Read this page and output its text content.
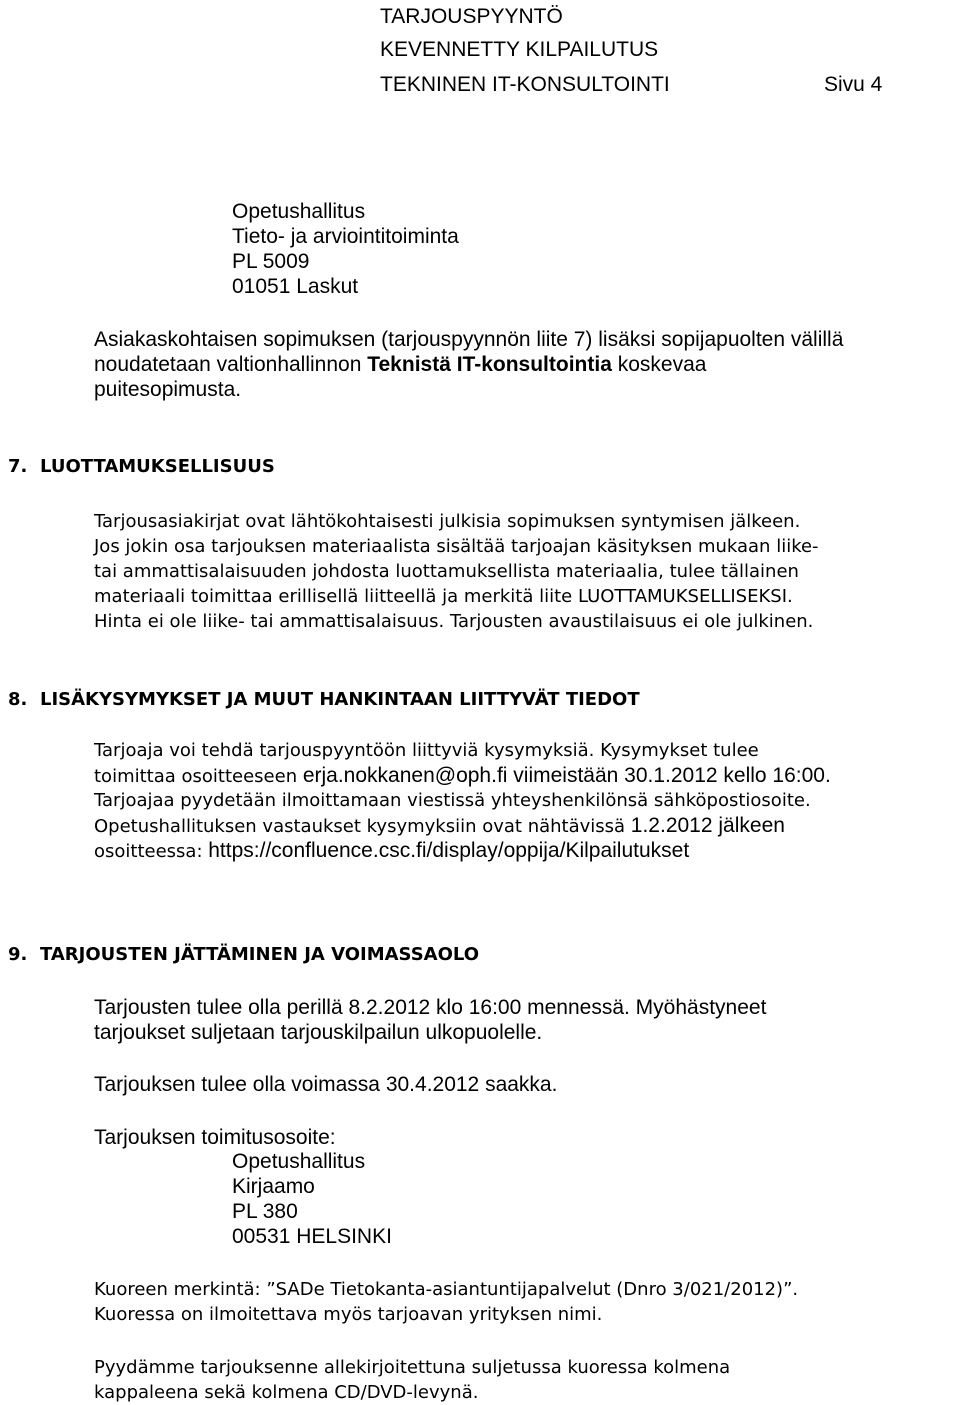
TARJOUSPYYNTÖ
KEVENNETTY KILPAILUTUS
TEKNINEN IT-KONSULTOINTI	Sivu 4
Opetushallitus
Tieto- ja arviointitoiminta
PL 5009
01051 Laskut
Asiakaskohtaisen sopimuksen (tarjouspyynnön liite 7) lisäksi sopijapuolten välillä
noudatetaan valtionhallinnon Teknistä IT-konsultointia koskevaa
puitesopimusta.
7. LUOTTAMUKSELLISUUS
Tarjousasiakirjat ovat lähtökohtaisesti julkisia sopimuksen syntymisen jälkeen.
Jos jokin osa tarjouksen materiaalista sisältää tarjoajan käsityksen mukaan liike-
tai ammattisalaisuuden johdosta luottamuksellista materiaalia, tulee tällainen
materiaali toimittaa erillisellä liitteellä ja merkitä liite LUOTTAMUKSELLISEKSI.
Hinta ei ole liike- tai ammattisalaisuus. Tarjousten avaustilaisuus ei ole julkinen.
8. LISÄKYSYMYKSET JA MUUT HANKINTAAN LIITTYVÄT TIEDOT
Tarjoaja voi tehdä tarjouspyyntöön liittyviä kysymyksiä. Kysymykset tulee
toimittaa osoitteeseen erja.nokkanen@oph.fi viimeistään 30.1.2012 kello 16:00.
Tarjoajaa pyydetään ilmoittamaan viestissä yhteyshenkilönsä sähköpostiosoite.
Opetushallituksen vastaukset kysymyksiin ovat nähtävissä 1.2.2012 jälkeen
osoitteessa: https://confluence.csc.fi/display/oppija/Kilpailutukset
9. TARJOUSTEN JÄTTÄMINEN JA VOIMASSAOLO
Tarjousten tulee olla perillä 8.2.2012 klo 16:00 mennessä. Myöhästyneet
tarjoukset suljetaan tarjouskilpailun ulkopuolelle.
Tarjouksen tulee olla voimassa 30.4.2012 saakka.
Tarjouksen toimitusosoite:
Opetushallitus
Kirjaamo
PL 380
00531 HELSINKI
Kuoreen merkintä: ”SADe Tietokanta-asiantuntijapalvelut (Dnro 3/021/2012)”.
Kuoressa on ilmoitettava myös tarjoavan yrityksen nimi.
Pyydämme tarjouksenne allekirjoitettuna suljetussa kuoressa kolmena
kappaleena sekä kolmena CD/DVD-levynä.
